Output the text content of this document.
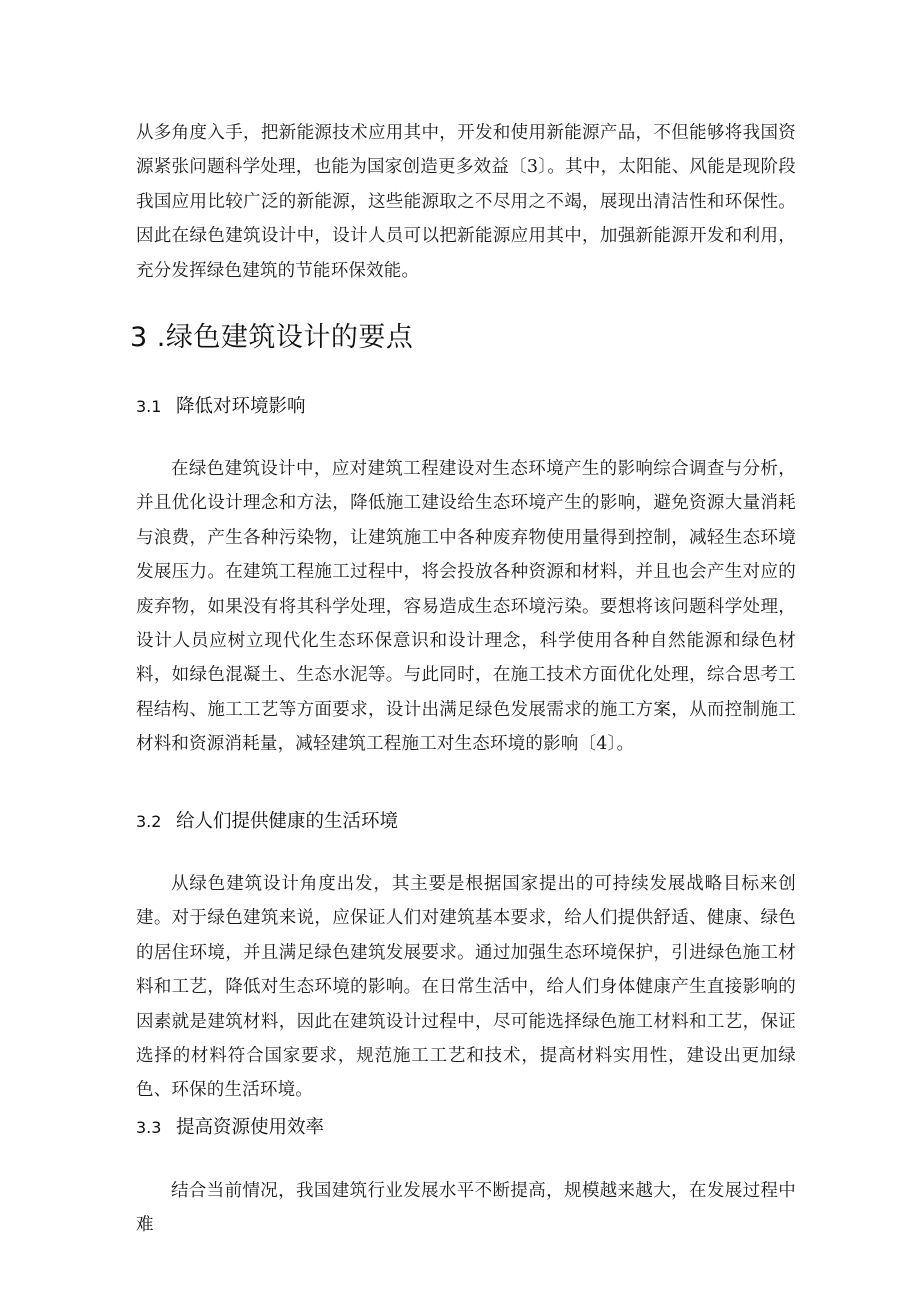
从多角度入手，把新能源技术应用其中，开发和使用新能源产品，不但能够将我国资源紧张问题科学处理，也能为国家创造更多效益〔3〕。其中，太阳能、风能是现阶段我国应用比较广泛的新能源，这些能源取之不尽用之不竭，展现出清洁性和环保性。因此在绿色建筑设计中，设计人员可以把新能源应用其中，加强新能源开发和利用，充分发挥绿色建筑的节能环保效能。
3 .绿色建筑设计的要点
3.1 降低对环境影响
在绿色建筑设计中，应对建筑工程建设对生态环境产生的影响综合调查与分析，并且优化设计理念和方法，降低施工建设给生态环境产生的影响，避免资源大量消耗与浪费，产生各种污染物，让建筑施工中各种废弃物使用量得到控制，减轻生态环境发展压力。在建筑工程施工过程中，将会投放各种资源和材料，并且也会产生对应的废弃物，如果没有将其科学处理，容易造成生态环境污染。要想将该问题科学处理，设计人员应树立现代化生态环保意识和设计理念，科学使用各种自然能源和绿色材料，如绿色混凝土、生态水泥等。与此同时，在施工技术方面优化处理，综合思考工程结构、施工工艺等方面要求，设计出满足绿色发展需求的施工方案，从而控制施工材料和资源消耗量，减轻建筑工程施工对生态环境的影响〔4〕。
3.2 给人们提供健康的生活环境
从绿色建筑设计角度出发，其主要是根据国家提出的可持续发展战略目标来创建。对于绿色建筑来说，应保证人们对建筑基本要求，给人们提供舒适、健康、绿色的居住环境，并且满足绿色建筑发展要求。通过加强生态环境保护，引进绿色施工材料和工艺，降低对生态环境的影响。在日常生活中，给人们身体健康产生直接影响的因素就是建筑材料，因此在建筑设计过程中，尽可能选择绿色施工材料和工艺，保证选择的材料符合国家要求，规范施工工艺和技术，提高材料实用性，建设出更加绿色、环保的生活环境。
3.3 提高资源使用效率
结合当前情况，我国建筑行业发展水平不断提高，规模越来越大，在发展过程中难
